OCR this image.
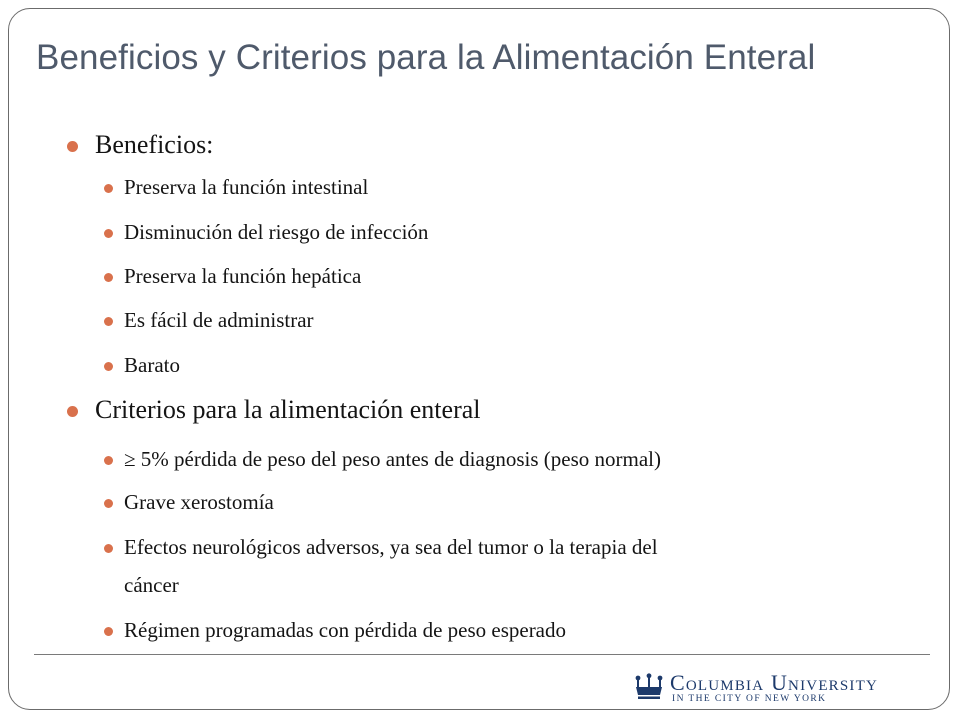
Beneficios y Criterios para la Alimentación Enteral
Beneficios:
Preserva la función intestinal
Disminución del riesgo de infección
Preserva la función hepática
Es fácil de administrar
Barato
Criterios para la alimentación enteral
≥ 5% pérdida de peso del peso antes de diagnosis (peso normal)
Grave xerostomía
Efectos neurológicos adversos, ya sea del tumor o la terapia del
cáncer
Régimen programadas con pérdida de peso esperado
Columbia University
IN THE CITY OF NEW YORK
